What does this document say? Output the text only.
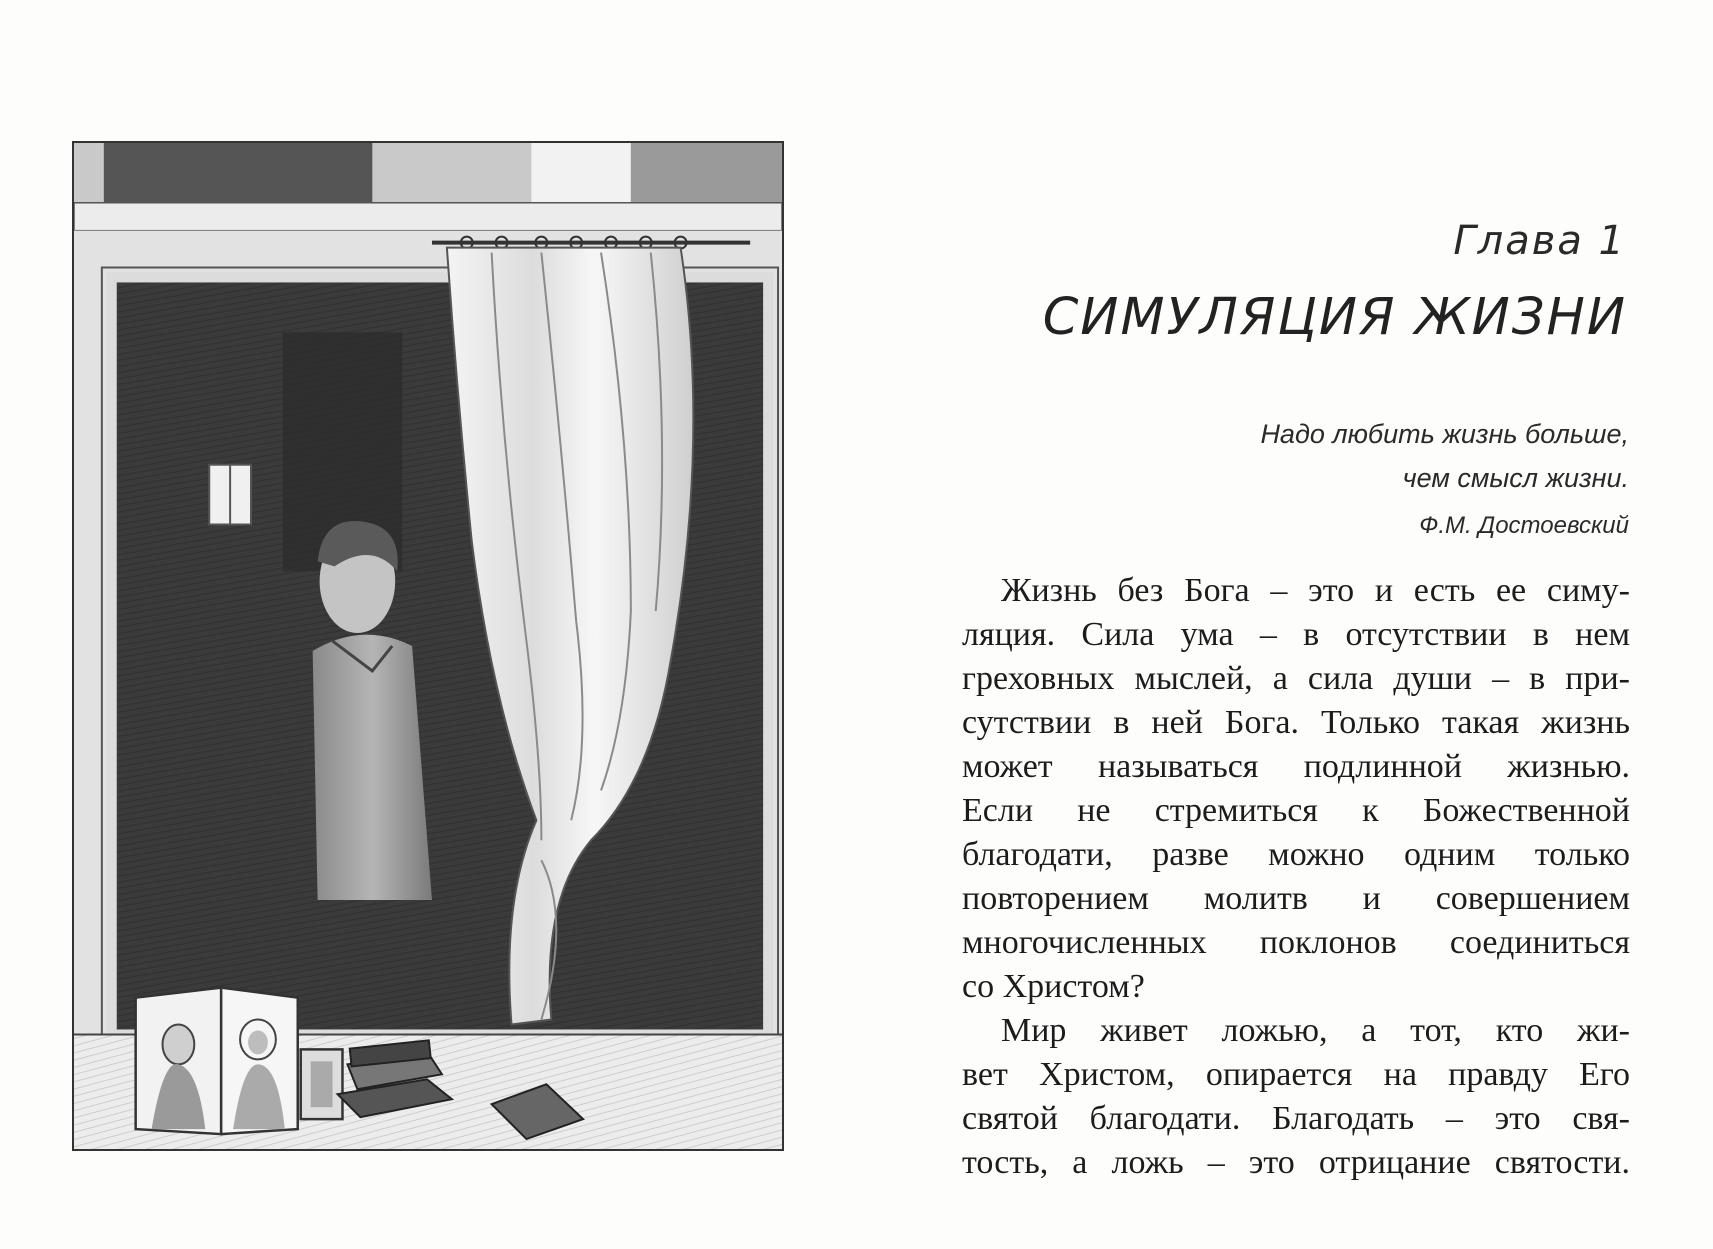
Глава 1
СИМУЛЯЦИЯ ЖИЗНИ
Надо любить жизнь больше,
чем смысл жизни.
Ф.М. Достоевский
Жизнь без Бога – это и есть ее симу-
ляция. Сила ума – в отсутствии в нем
греховных мыслей, а сила души – в при-
сутствии в ней Бога. Только такая жизнь
может называться подлинной жизнью.
Если не стремиться к Божественной
благодати, разве можно одним только
повторением молитв и совершением
многочисленных поклонов соединиться
со Христом?
Мир живет ложью, а тот, кто жи-
вет Христом, опирается на правду Его
святой благодати. Благодать – это свя-
тость, а ложь – это отрицание святости.
